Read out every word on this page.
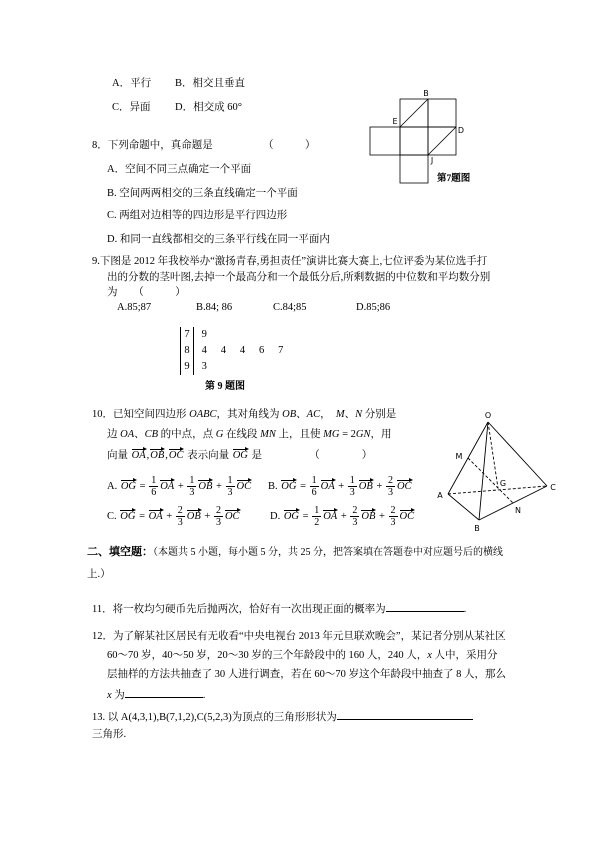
A．平行 B．相交且垂直
C．异面 D．相交成 60°
B
E
D
J
第7题图
8．下列命题中，真命题是	（　　　）
A．空间不同三点确定一个平面
B. 空间两两相交的三条直线确定一个平面
C. 两组对边相等的四边形是平行四边形
D. 和同一直线都相交的三条平行线在同一平面内
9.下图是 2012 年我校举办“激扬青春,勇担责任”演讲比赛大赛上,七位评委为某位选手打
出的分数的茎叶图,去掉一个最高分和一个最低分后,所剩数据的中位数和平均数分别
为　　（　　　）
A.85;87	B.84; 86	C.84;85	D.85;86
7	9
8	4 4 4 6 7
9	3
第 9 题图
10．已知空间四边形 OABC，其对角线为 OB、AC，　M、N 分别是
边 OA、CB 的中点，点 G 在线段 MN 上，且使 MG = 2GN，用
向量 OA,OB,OC 表示向量 OG 是　　　　　（　　　　）
A. OG = $\frac{1}{6}$ OA + $\frac{1}{3}$ OB + $\frac{1}{3}$ OC B. OG = $\frac{1}{6}$ OA + $\frac{1}{3}$ OB + $\frac{2}{3}$ OC
C. OG = OA + $\frac{2}{3}$ OB + $\frac{2}{3}$ OC	D. OG = $\frac{1}{2}$ OA + $\frac{2}{3}$ OB + $\frac{2}{3}$ OC
O
M
G
A
B
N
C
二、填空题：（本题共 5 小题，每小题 5 分，共 25 分，把答案填在答题卷中对应题号后的横线
上.）
11．将一枚均匀硬币先后抛两次，恰好有一次出现正面的概率为	.
12．为了解某社区居民有无收看“中央电视台 2013 年元旦联欢晚会”，某记者分别从某社区
60～70 岁，40～50 岁，20～30 岁的三个年龄段中的 160 人，240 人，x 人中，采用分
层抽样的方法共抽查了 30 人进行调查，若在 60～70 岁这个年龄段中抽查了 8 人，那么
x 为	.
13. 以 A(4,3,1),B(7,1,2),C(5,2,3)为顶点的三角形形状为
三角形.
